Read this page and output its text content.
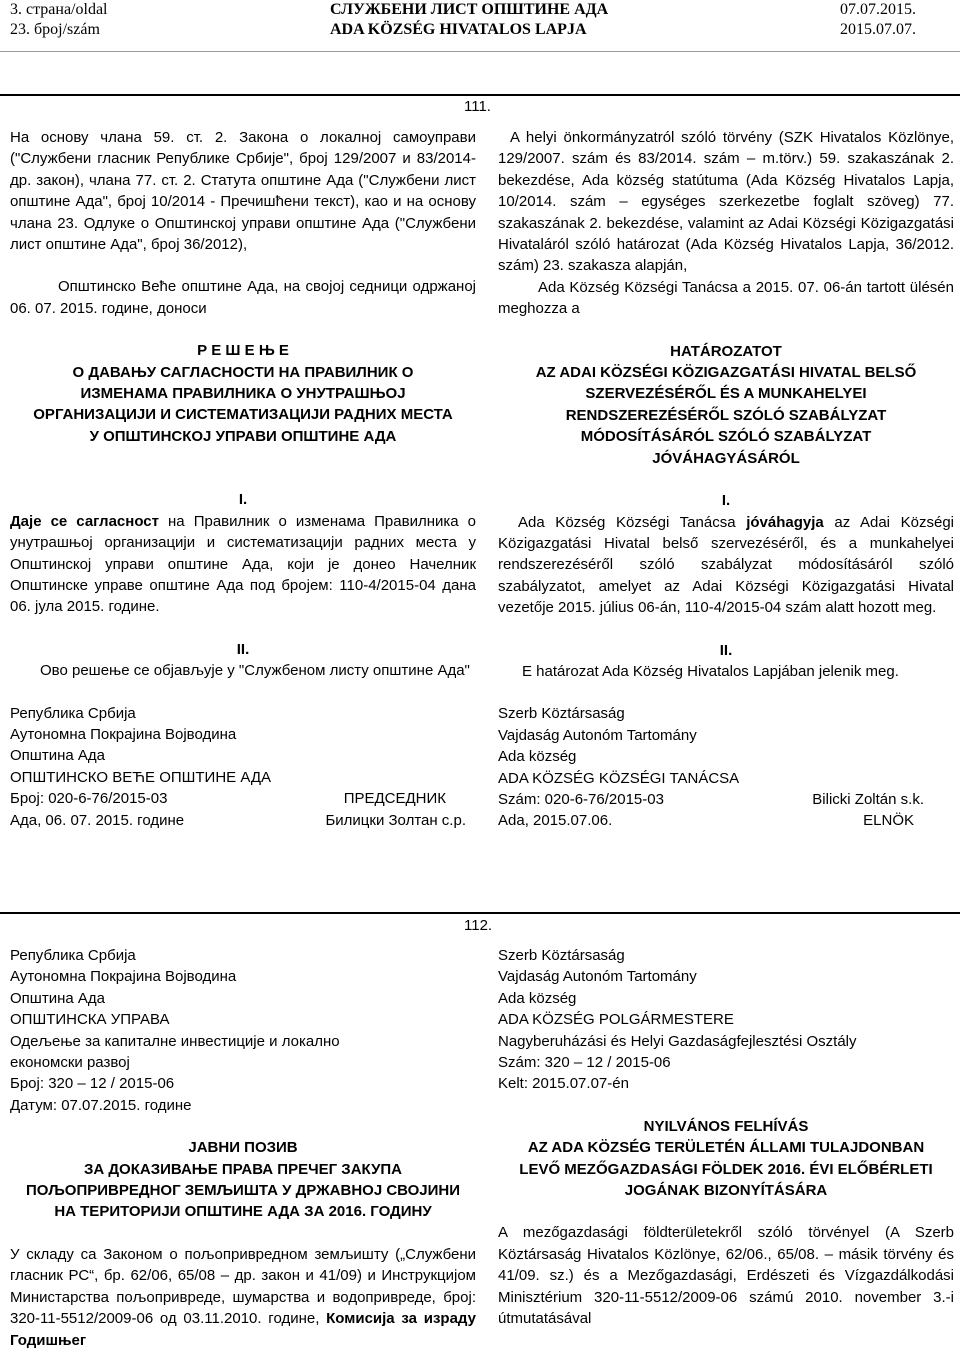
3. страна/oldal
23. број/szám
СЛУЖБЕНИ ЛИСТ ОПШТИНЕ АДА
ADA KÖZSÉG HIVATALOS LAPJA
07.07.2015.
2015.07.07.
111.

На основу члана 59. ст. 2. Закона о локалној самоуправи ("Службени гласник Републике Србије", број 129/2007 и 83/2014- др. закон), члана 77. ст. 2. Статута општине Ада ("Службени лист општине Ада", број 10/2014 - Пречишћени текст), као и на основу члана 23. Одлуке о Општинској управи општине Ада ("Службени лист општине Ада", број 36/2012),

Општинско Веће општине Ада, на својој седници одржаној 06. 07. 2015. године, доноси

Р Е Ш Е Њ Е

О ДАВАЊУ САГЛАСНОСТИ НА ПРАВИЛНИК О ИЗМЕНАМА ПРАВИЛНИКА О УНУТРАШЊОЈ ОРГАНИЗАЦИЈИ И СИСТЕМАТИЗАЦИЈИ РАДНИХ МЕСТА У ОПШТИНСКОЈ УПРАВИ ОПШТИНЕ АДА

I.

Даје се сагласност на Правилник о изменама Правилника о унутрашњој организацији и систематизацији радних места у Општинској управи општине Ада, који је донео Начелник Општинске управе општине Ада под бројем: 110-4/2015-04 дана 06. јула 2015. године.

II.

Ово решење се објављује у "Службеном листу општине Ада"

Република Србија

Аутономна Покрајина Војводина

Општина Ада

ОПШТИНСКО ВЕЋЕ ОПШТИНЕ АДА

Број: 020-6-76/2015-03	ПРЕДСЕДНИК
Ада, 06. 07. 2015. године	Билицки Золтан с.р.

A helyi önkormányzatról szóló törvény (SZK Hivatalos Közlönye, 129/2007. szám és 83/2014. szám – m.törv.) 59. szakaszának 2. bekezdése, Ada község statútuma (Ada Község Hivatalos Lapja, 10/2014. szám – egységes szerkezetbe foglalt szöveg) 77. szakaszának 2. bekezdése, valamint az Adai Községi Közigazgatási Hivataláról szóló határozat (Ada Község Hivatalos Lapja, 36/2012. szám) 23. szakasza alapján,

Ada Község Községi Tanácsa a 2015. 07. 06-án tartott ülésén meghozza a

HATÁROZATOT

AZ ADAI KÖZSÉGI KÖZIGAZGATÁSI HIVATAL BELSŐ SZERVEZÉSÉRŐL ÉS A MUNKAHELYEI RENDSZEREZÉSÉRŐL SZÓLÓ SZABÁLYZAT MÓDOSÍTÁSÁRÓL SZÓLÓ SZABÁLYZAT JÓVÁHAGYÁSÁRÓL

I.

Ada Község Községi Tanácsa jóváhagyja az Adai Községi Közigazgatási Hivatal belső szervezéséről, és a munkahelyei rendszerezéséről szóló szabályzat módosításáról szóló szabályzatot, amelyet az Adai Községi Közigazgatási Hivatal vezetője 2015. július 06-án, 110-4/2015-04 szám alatt hozott meg.

II.

E határozat Ada Község Hivatalos Lapjában jelenik meg.

Szerb Köztársaság

Vajdaság Autonóm Tartomány

Ada község

ADA KÖZSÉG KÖZSÉGI TANÁCSA

Szám: 020-6-76/2015-03	Bilicki Zoltán s.k.
Ada, 2015.07.06.	ELNÖK
112.

Република Србија

Аутономна Покрајина Војводина

Општина Ада

ОПШТИНСКА УПРАВА

Одељење за капиталне инвестиције и локално економски развој

Број: 320 – 12 / 2015-06

Датум: 07.07.2015. године

ЈАВНИ ПОЗИВ

ЗА ДОКАЗИВАЊЕ ПРАВА ПРЕЧЕГ ЗАКУПА ПОЉОПРИВРЕДНОГ ЗЕМЉИШТА У ДРЖАВНОЈ СВОЈИНИ НА ТЕРИТОРИЈИ ОПШТИНЕ АДА ЗА 2016. ГОДИНУ

У складу са Законом о пољопривредном земљишту („Службени гласник РС“, бр. 62/06, 65/08 – др. закон и 41/09) и Инструкцијом Министарства пољопривреде, шумарства и водопривреде, број: 320-11-5512/2009-06 од 03.11.2010. године, Комисија за израду Годишњег

Szerb Köztársaság

Vajdaság Autonóm Tartomány

Ada község

ADA KÖZSÉG POLGÁRMESTERE

Nagyberuházási és Helyi Gazdaságfejlesztési Osztály

Szám: 320 – 12 / 2015-06

Kelt: 2015.07.07-én

NYILVÁNOS FELHÍVÁS

AZ ADA KÖZSÉG TERÜLETÉN ÁLLAMI TULAJDONBAN LEVŐ MEZŐGAZDASÁGI FÖLDEK 2016. ÉVI ELŐBÉRLETI JOGÁNAK BIZONYÍTÁSÁRA

A mezőgazdasági földterületekről szóló törvényel (A Szerb Köztársaság Hivatalos Közlönye, 62/06., 65/08. – másik törvény és 41/09. sz.) és a Mezőgazdasági, Erdészeti és Vízgazdálkodási Minisztérium 320-11-5512/2009-06 számú 2010. november 3.-i útmutatásával
